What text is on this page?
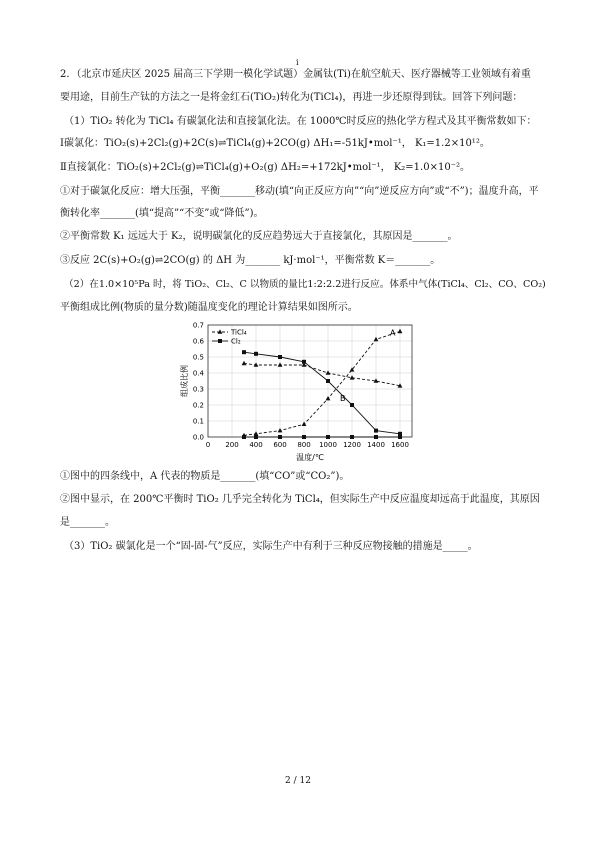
i
2．（北京市延庆区 2025 届高三下学期一模化学试题）金属钛(Ti)在航空航天、医疗器械等工业领域有着重
要用途，目前生产钛的方法之一是将金红石(TiO₂)转化为(TiCl₄)，再进一步还原得到钛。回答下列问题：
（1）TiO₂ 转化为 TiCl₄ 有碳氯化法和直接氯化法。在 1000℃时反应的热化学方程式及其平衡常数如下：
Ⅰ碳氯化：TiO₂(s)+2Cl₂(g)+2C(s)⇌TiCl₄(g)+2CO(g) ΔH₁=-51kJ•mol⁻¹， K₁=1.2×10¹²。
Ⅱ直接氯化：TiO₂(s)+2Cl₂(g)⇌TiCl₄(g)+O₂(g) ΔH₂=+172kJ•mol⁻¹， K₂=1.0×10⁻²。
①对于碳氯化反应：增大压强，平衡_______移动(填“向正反应方向”“向”逆反应方向”或“不”)；温度升高，平
衡转化率_______(填“提高”“不变”或“降低”)。
②平衡常数 K₁ 远远大于 K₂，说明碳氯化的反应趋势远大于直接氯化，其原因是_______。
③反应 2C(s)+O₂(g)⇌2CO(g) 的 ΔH 为_______ kJ·mol⁻¹，平衡常数 K＝_______。
（2）在1.0×10⁵Pa 时，将 TiO₂、Cl₂、C 以物质的量比1:2:2.2进行反应。体系中气体(TiCl₄、Cl₂、CO、CO₂)
平衡组成比例(物质的量分数)随温度变化的理论计算结果如图所示。
0 200 400 600 800 1000 1200 1400 1600
0.0
0.1
0.2
0.3
0.4
0.5
0.6
0.7
A
B
TiCl₄
Cl₂
组成比例
温度/℃
①图中的四条线中，A 代表的物质是_______(填“CO”或“CO₂”)。
②图中显示，在 200℃平衡时 TiO₂ 几乎完全转化为 TiCl₄，但实际生产中反应温度却远高于此温度，其原因
是_______。
（3）TiO₂ 碳氯化是一个“固-固-气”反应，实际生产中有利于三种反应物接触的措施是_____。
2 / 12
